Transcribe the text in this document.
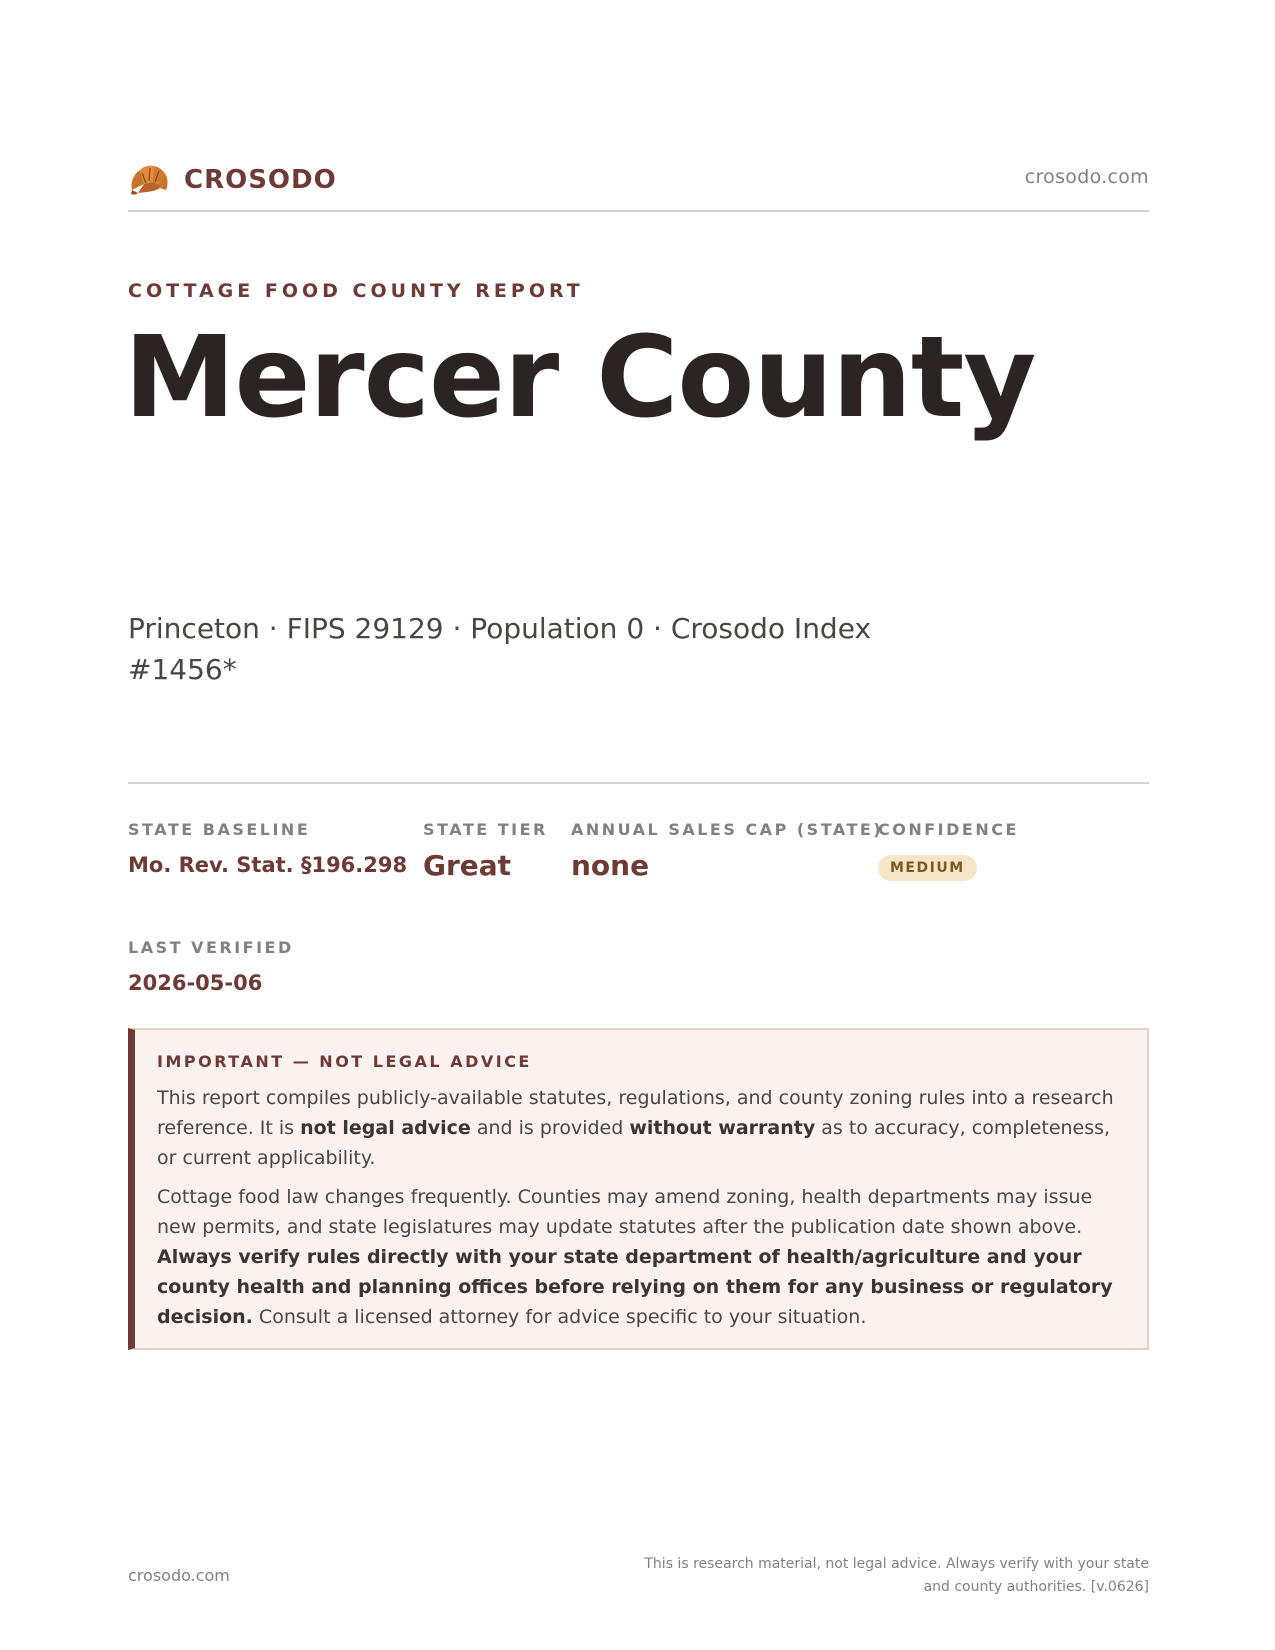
CROSODO	crosodo.com
COTTAGE FOOD COUNTY REPORT
Mercer County
Princeton · FIPS 29129 · Population 0 · Crosodo Index #1456*
STATE BASELINE
Mo. Rev. Stat. §196.298
STATE TIER
Great
ANNUAL SALES CAP (STATE)
none
CONFIDENCE
MEDIUM
LAST VERIFIED
2026-05-06
IMPORTANT — NOT LEGAL ADVICE

This report compiles publicly-available statutes, regulations, and county zoning rules into a research reference. It is not legal advice and is provided without warranty as to accuracy, completeness, or current applicability.

Cottage food law changes frequently. Counties may amend zoning, health departments may issue new permits, and state legislatures may update statutes after the publication date shown above. Always verify rules directly with your state department of health/agriculture and your county health and planning offices before relying on them for any business or regulatory decision. Consult a licensed attorney for advice specific to your situation.

crosodo.com
This is research material, not legal advice. Always verify with your state
and county authorities. [v.0626]
